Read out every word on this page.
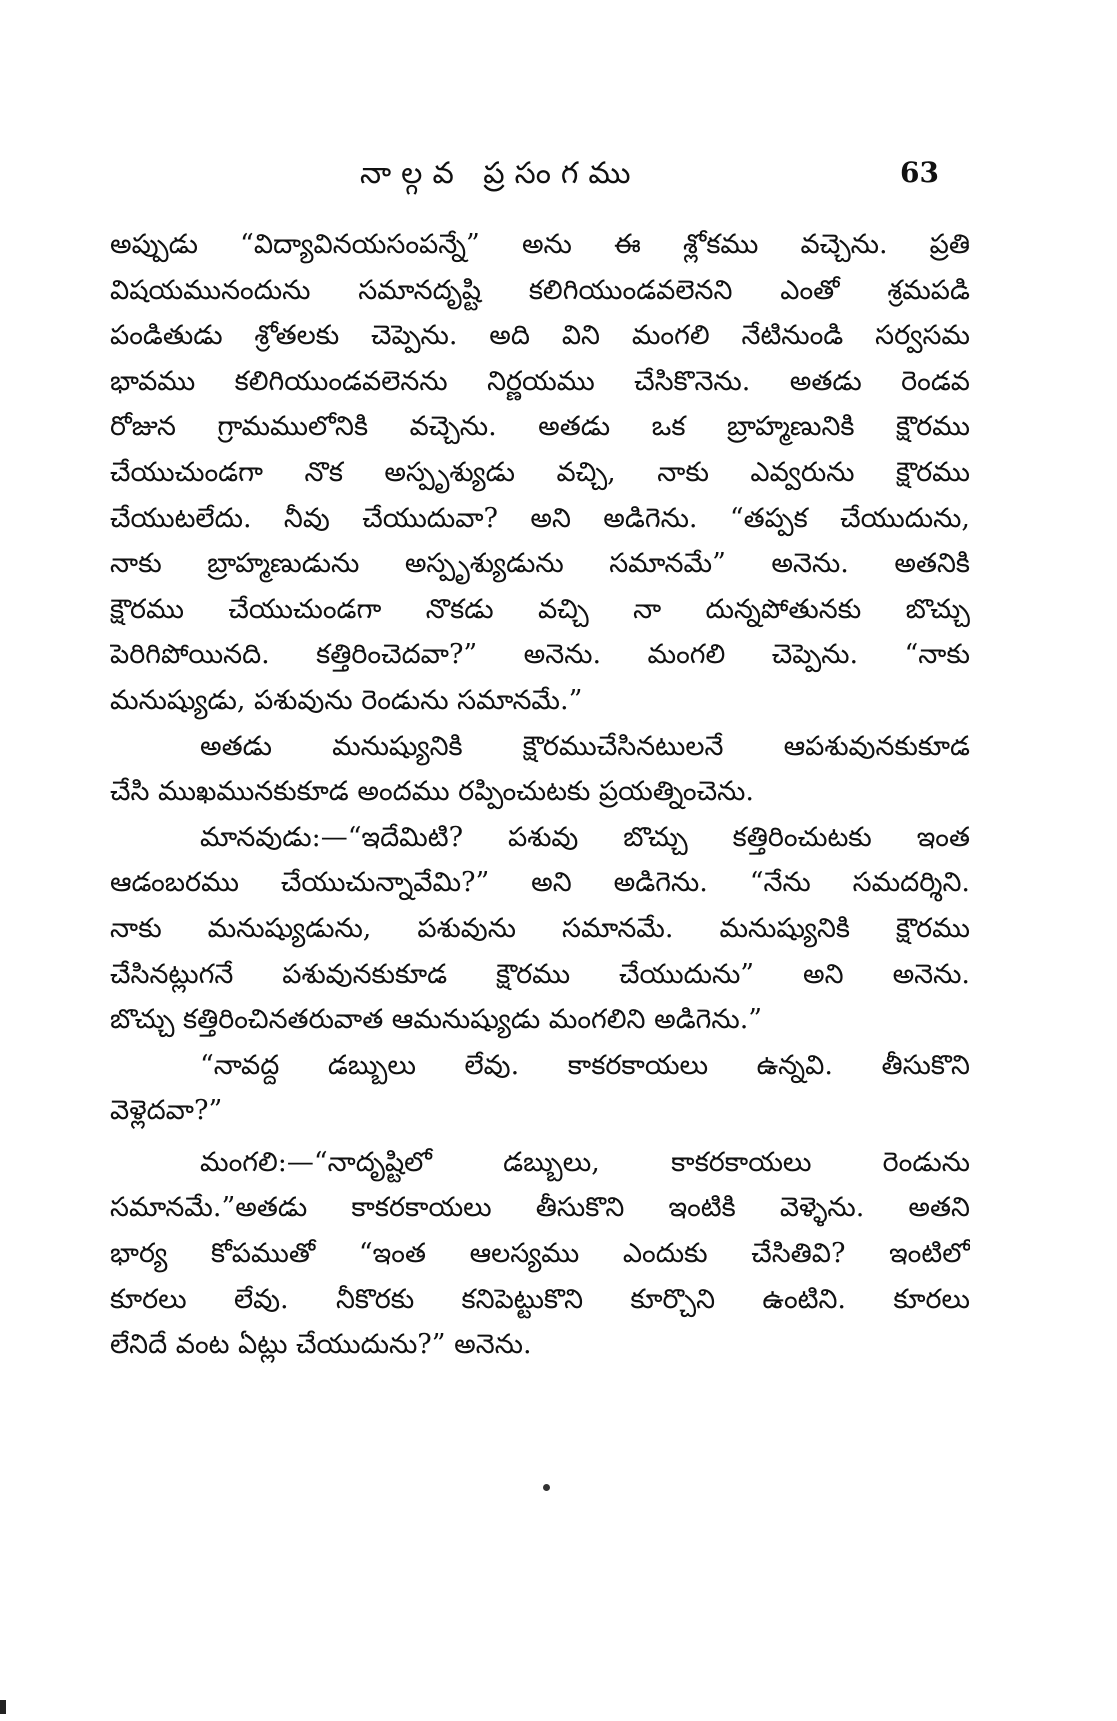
నాల్గవ ప్రసంగము	63
అప్పుడు “విద్యావినయసంపన్నే” అను ఈ శ్లోకము వచ్చెను. ప్రతి
విషయమునందును సమానదృష్టి కలిగియుండవలెనని ఎంతో శ్రమపడి
పండితుడు శ్రోతలకు చెప్పెను. అది విని మంగలి నేటినుండి సర్వసమ
భావము కలిగియుండవలెనను నిర్ణయము చేసికొనెను. అతడు రెండవ
రోజున గ్రామములోనికి వచ్చెను. అతడు ఒక బ్రాహ్మణునికి క్షౌరము
చేయుచుండగా నొక అస్పృశ్యుడు వచ్చి, నాకు ఎవ్వరును క్షౌరము
చేయుటలేదు. నీవు చేయుదువా? అని అడిగెను. “తప్పక చేయుదును,
నాకు బ్రాహ్మణుడును అస్పృశ్యుడును సమానమే” అనెను. అతనికి
క్షౌరము చేయుచుండగా నొకడు వచ్చి నా దున్నపోతునకు బొచ్చు
పెరిగిపోయినది. కత్తిరించెదవా?” అనెను. మంగలి చెప్పెను. “నాకు
మనుష్యుడు, పశువును రెండును సమానమే.”
అతడు మనుష్యునికి క్షౌరముచేసినటులనే ఆపశువునకుకూడ
చేసి ముఖమునకుకూడ అందము రప్పించుటకు ప్రయత్నించెను.
మానవుడు:—“ఇదేమిటి? పశువు బొచ్చు కత్తిరించుటకు ఇంత
ఆడంబరము చేయుచున్నావేమి?” అని అడిగెను. “నేను సమదర్శిని.
నాకు మనుష్యుడును, పశువును సమానమే. మనుష్యునికి క్షౌరము
చేసినట్లుగనే పశువునకుకూడ క్షౌరము చేయుదును” అని అనెను.
బొచ్చు కత్తిరించినతరువాత ఆమనుష్యుడు మంగలిని అడిగెను.”
“నావద్ద డబ్బులు లేవు. కాకరకాయలు ఉన్నవి. తీసుకొని
వెళ్లెదవా?”
మంగలి:—“నాదృష్టిలో డబ్బులు, కాకరకాయలు రెండును
సమానమే.”అతడు కాకరకాయలు తీసుకొని ఇంటికి వెళ్ళెను. అతని
భార్య కోపముతో “ఇంత ఆలస్యము ఎందుకు చేసితివి? ఇంటిలో
కూరలు లేవు. నీకొరకు కనిపెట్టుకొని కూర్చొని ఉంటిని. కూరలు
లేనిదే వంట ఏట్లు చేయుదును?” అనెను.
